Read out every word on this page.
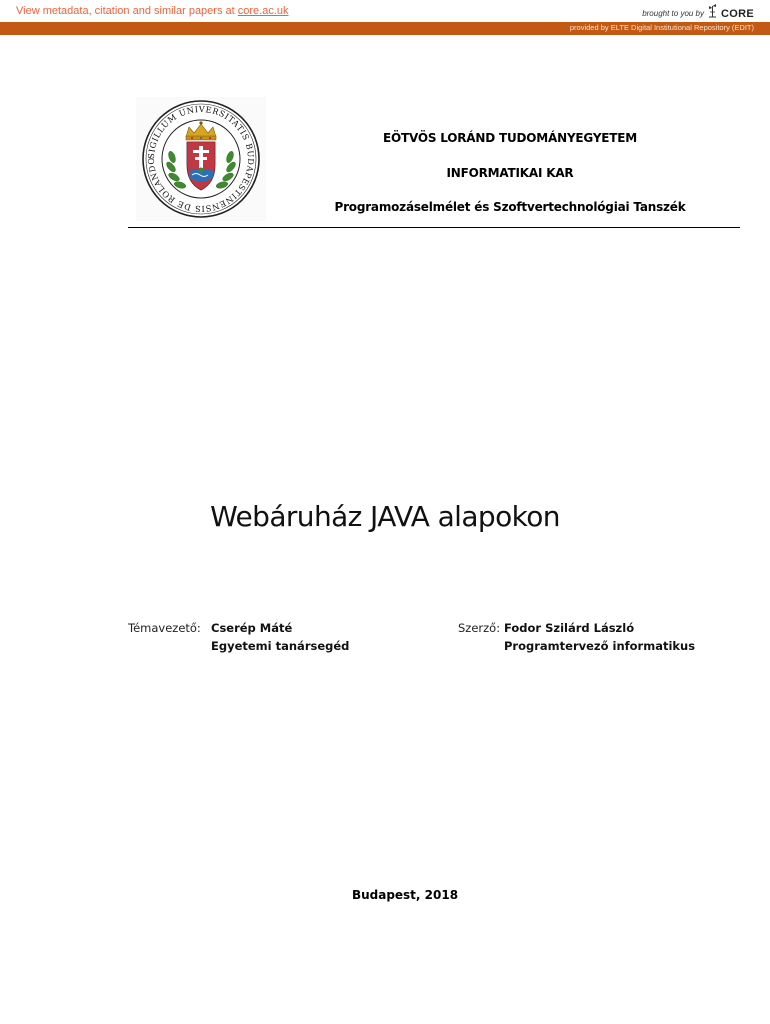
View metadata, citation and similar papers at core.ac.uk	brought to you by CORE
provided by ELTE Digital Institutional Repository (EDIT)
SIGILLUM UNIVERSITATIS BUDAPESTINENSIS DE ROLANDO
EÖTVÖS LORÁND TUDOMÁNYEGYETEM
INFORMATIKAI KAR
Programozáselmélet és Szoftvertechnológiai Tanszék
Webáruház JAVA alapokon
Témavezető: Cserép Máté
Egyetemi tanársegéd
Szerző: Fodor Szilárd László
Programtervező informatikus
Budapest, 2018
